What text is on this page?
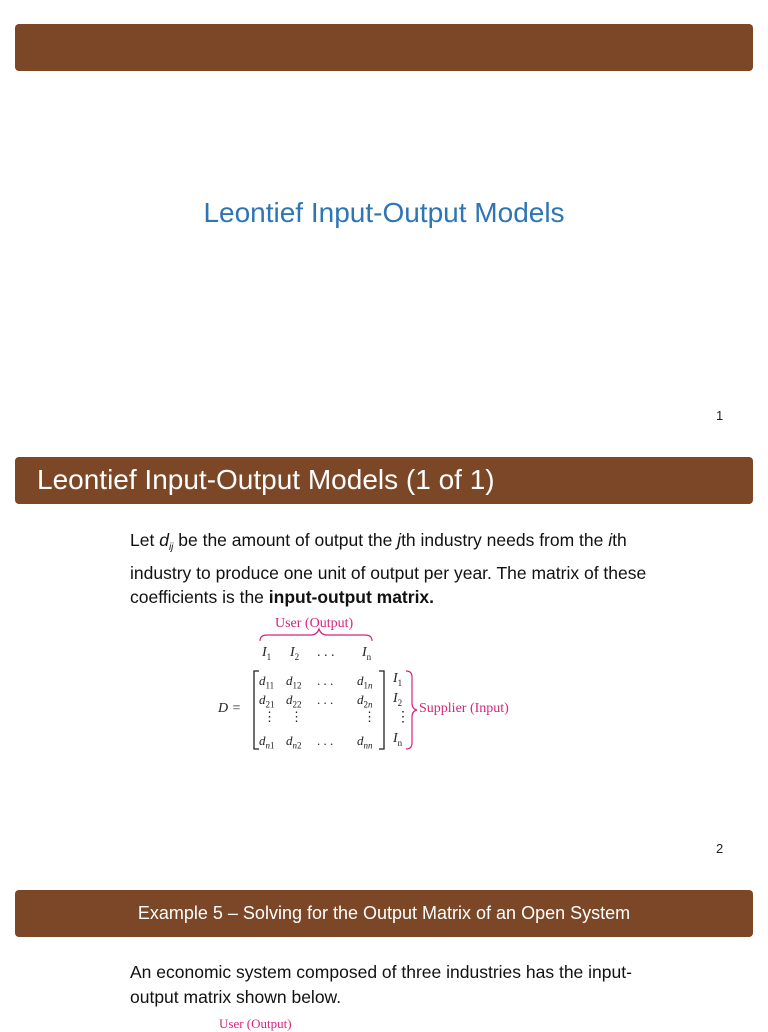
Leontief Input-Output Models
1
Leontief Input-Output Models (1 of 1)
Let $d_{ij}$ be the amount of output the jth industry needs from the ith industry to produce one unit of output per year. The matrix of these coefficients is the input-output matrix.
User (Output)
$I_1$ $I_2$ . . . $I_n$
D =
$d_{11}$ $d_{12}$ . . . $d_{1n}$
$d_{21}$ $d_{22}$ . . . $d_{2n}$
⋮ ⋮	⋮
$d_{n1}$ $d_{n2}$ . . . $d_{nn}$
$I_1$
$I_2$
⋮
$I_n$
Supplier (Input)
2
Example 5 – Solving for the Output Matrix of an Open System
An economic system composed of three industries has the input-output matrix shown below.
User (Output)
